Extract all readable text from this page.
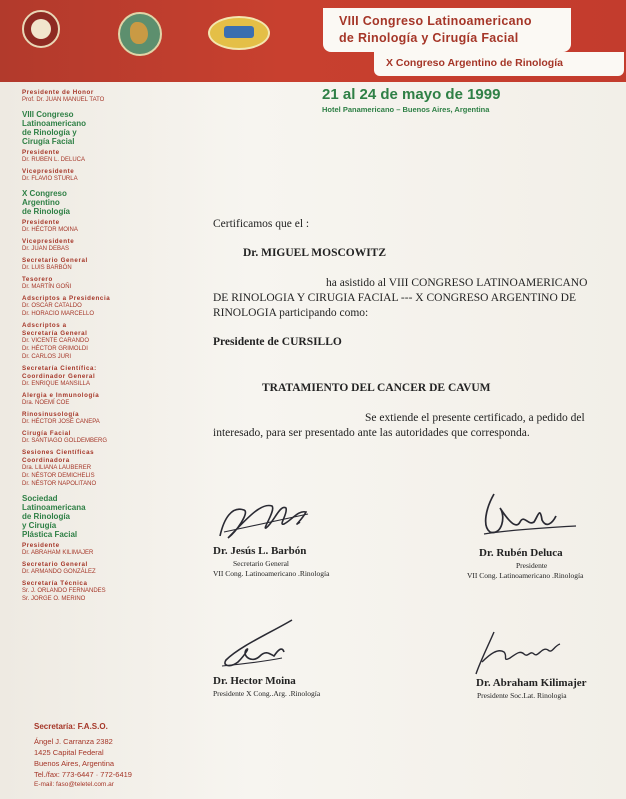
VIII Congreso Latinoamericano
de Rinología y Cirugía Facial
X Congreso Argentino de Rinología
21 al 24 de mayo de 1999
Hotel Panamericano – Buenos Aires, Argentina
Presidente de Honor
Prof. Dr. JUAN MANUEL TATO
VIII Congreso
Latinoamericano
de Rinología y
Cirugía Facial
Presidente
Dr. RUBEN L. DELUCA
Vicepresidente
Dr. FLAVIO STURLA
X Congreso
Argentino
de Rinología
Presidente
Dr. HÉCTOR MOINA
Vicepresidente
Dr. JUAN DEBAS
Secretario General
Dr. LUIS BARBÓN
Tesorero
Dr. MARTÍN GOÑI
Adscriptos a Presidencia
Dr. OSCAR CATALDO
Dr. HORACIO MARCELLO
Adscriptos a
Secretaría General
Dr. VICENTE CARANDO
Dr. HÉCTOR GRIMOLDI
Dr. CARLOS JURI
Secretaría Científica:
Coordinador General
Dr. ENRIQUE MANSILLA
Alergia e Inmunología
Dra. NOEMÍ COE
Rinosinusología
Dr. HÉCTOR JOSÉ CANEPA
Cirugía Facial
Dr. SANTIAGO GOLDEMBERG
Sesiones Científicas
Coordinadora
Dra. LILIANA LAUBERER
Dr. NÉSTOR DEMICHELIS
Dr. NÉSTOR NAPOLITANO
Sociedad
Latinoamericana
de Rinología
y Cirugía
Plástica Facial
Presidente
Dr. ABRAHAM KILIMAJER
Secretario General
Dr. ARMANDO GONZÁLEZ
Secretaría Técnica
Sr. J. ORLANDO FERNANDES
Sr. JORGE O. MERINO
Secretaría: F.A.S.O.
Ángel J. Carranza 2382
1425 Capital Federal
Buenos Aires, Argentina
Tel./fax: 773-6447 · 772-6419
E-mail: faso@teletel.com.ar
Certificamos que el :
Dr. MIGUEL MOSCOWITZ
ha asistido al VIII CONGRESO LATINOAMERICANO
DE RINOLOGIA Y CIRUGIA FACIAL --- X CONGRESO ARGENTINO DE
RINOLOGIA participando como:
Presidente de CURSILLO
TRATAMIENTO DEL CANCER DE CAVUM
Se extiende el presente certificado, a pedido del
interesado, para ser presentado ante las autoridades que corresponda.
Dr. Jesús L. Barbón
Secretario General
VII Cong. Latinoamericano .Rinología
Dr. Rubén Deluca
Presidente
VII Cong. Latinoamericano .Rinología
Dr. Hector Moina
Presidente X Cong..Arg. .Rinología
Dr. Abraham Kilimajer
Presidente Soc.Lat. Rinologia
